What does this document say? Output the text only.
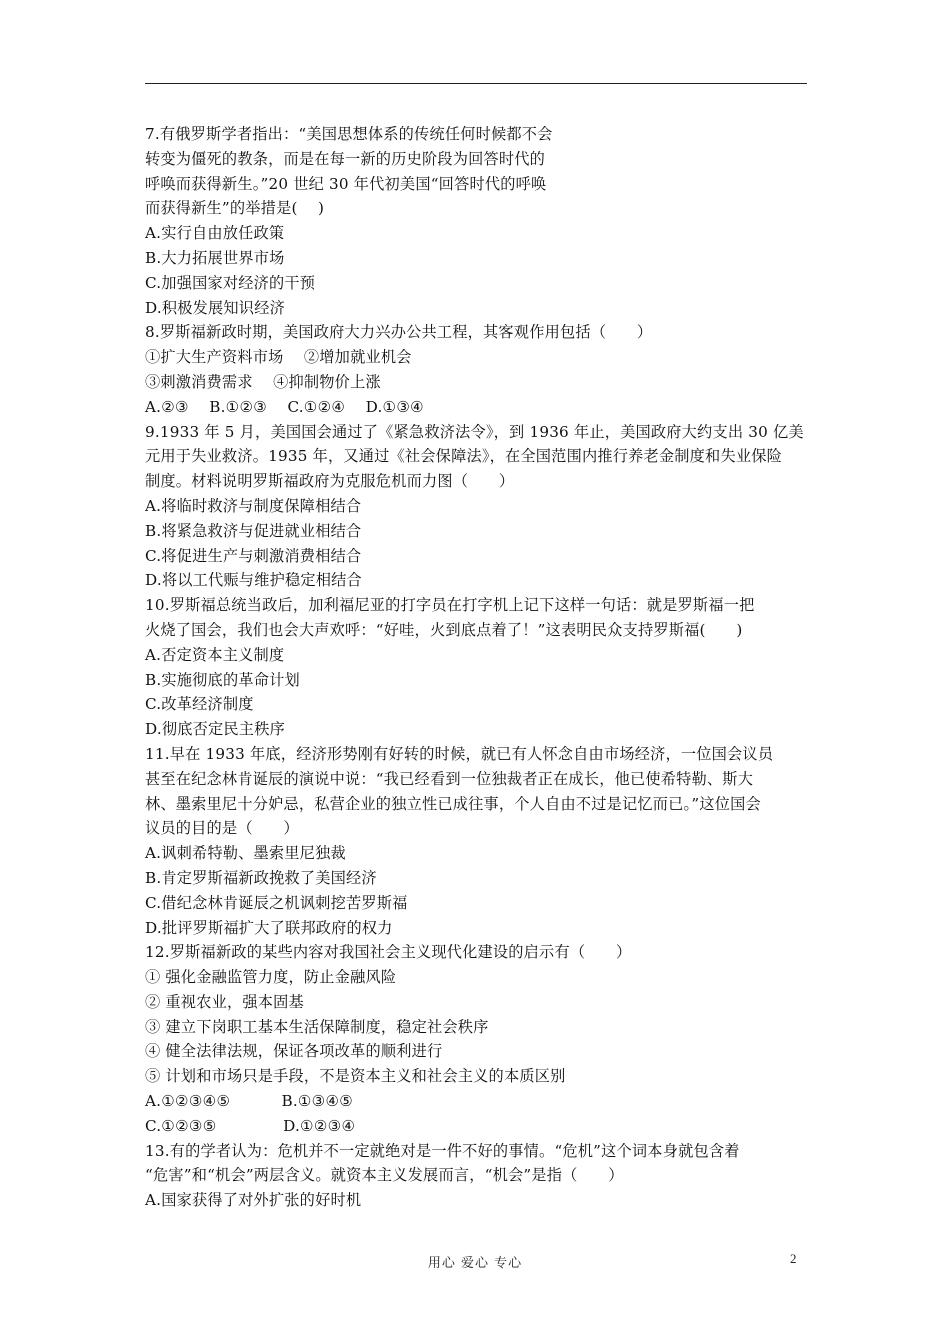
7.有俄罗斯学者指出：“美国思想体系的传统任何时候都不会
转变为僵死的教条，而是在每一新的历史阶段为回答时代的
呼唤而获得新生。”20 世纪 30 年代初美国“回答时代的呼唤
而获得新生”的举措是(　 )
A.实行自由放任政策
B.大力拓展世界市场
C.加强国家对经济的干预
D.积极发展知识经济
8.罗斯福新政时期，美国政府大力兴办公共工程，其客观作用包括（　　）
①扩大生产资料市场　 ②增加就业机会
③刺激消费需求　 ④抑制物价上涨
A.②③　 B.①②③　 C.①②④　 D.①③④
9.1933 年 5 月，美国国会通过了《紧急救济法令》，到 1936 年止，美国政府大约支出 30 亿美
元用于失业救济。1935 年，又通过《社会保障法》，在全国范围内推行养老金制度和失业保险
制度。材料说明罗斯福政府为克服危机而力图（　　）
A.将临时救济与制度保障相结合
B.将紧急救济与促进就业相结合
C.将促进生产与刺激消费相结合
D.将以工代赈与维护稳定相结合
10.罗斯福总统当政后，加利福尼亚的打字员在打字机上记下这样一句话：就是罗斯福一把
火烧了国会，我们也会大声欢呼：“好哇，火到底点着了！”这表明民众支持罗斯福(　　)
A.否定资本主义制度
B.实施彻底的革命计划
C.改革经济制度
D.彻底否定民主秩序
11.早在 1933 年底，经济形势刚有好转的时候，就已有人怀念自由市场经济，一位国会议员
甚至在纪念林肯诞辰的演说中说：“我已经看到一位独裁者正在成长，他已使希特勒、斯大
林、墨索里尼十分妒忌，私营企业的独立性已成往事，个人自由不过是记忆而已。”这位国会
议员的目的是（　　）
A.讽刺希特勒、墨索里尼独裁
B.肯定罗斯福新政挽救了美国经济
C.借纪念林肯诞辰之机讽刺挖苦罗斯福
D.批评罗斯福扩大了联邦政府的权力
12.罗斯福新政的某些内容对我国社会主义现代化建设的启示有（　　）
① 强化金融监管力度，防止金融风险
② 重视农业，强本固基
③ 建立下岗职工基本生活保障制度，稳定社会秩序
④ 健全法律法规，保证各项改革的顺利进行
⑤ 计划和市场只是手段，不是资本主义和社会主义的本质区别
A.①②③④⑤　　　 B.①③④⑤
C.①②③⑤　　　　 D.①②③④
13.有的学者认为：危机并不一定就绝对是一件不好的事情。“危机”这个词本身就包含着
“危害”和“机会”两层含义。就资本主义发展而言，“机会”是指（　　）
A.国家获得了对外扩张的好时机
用心 爱心 专心	2
